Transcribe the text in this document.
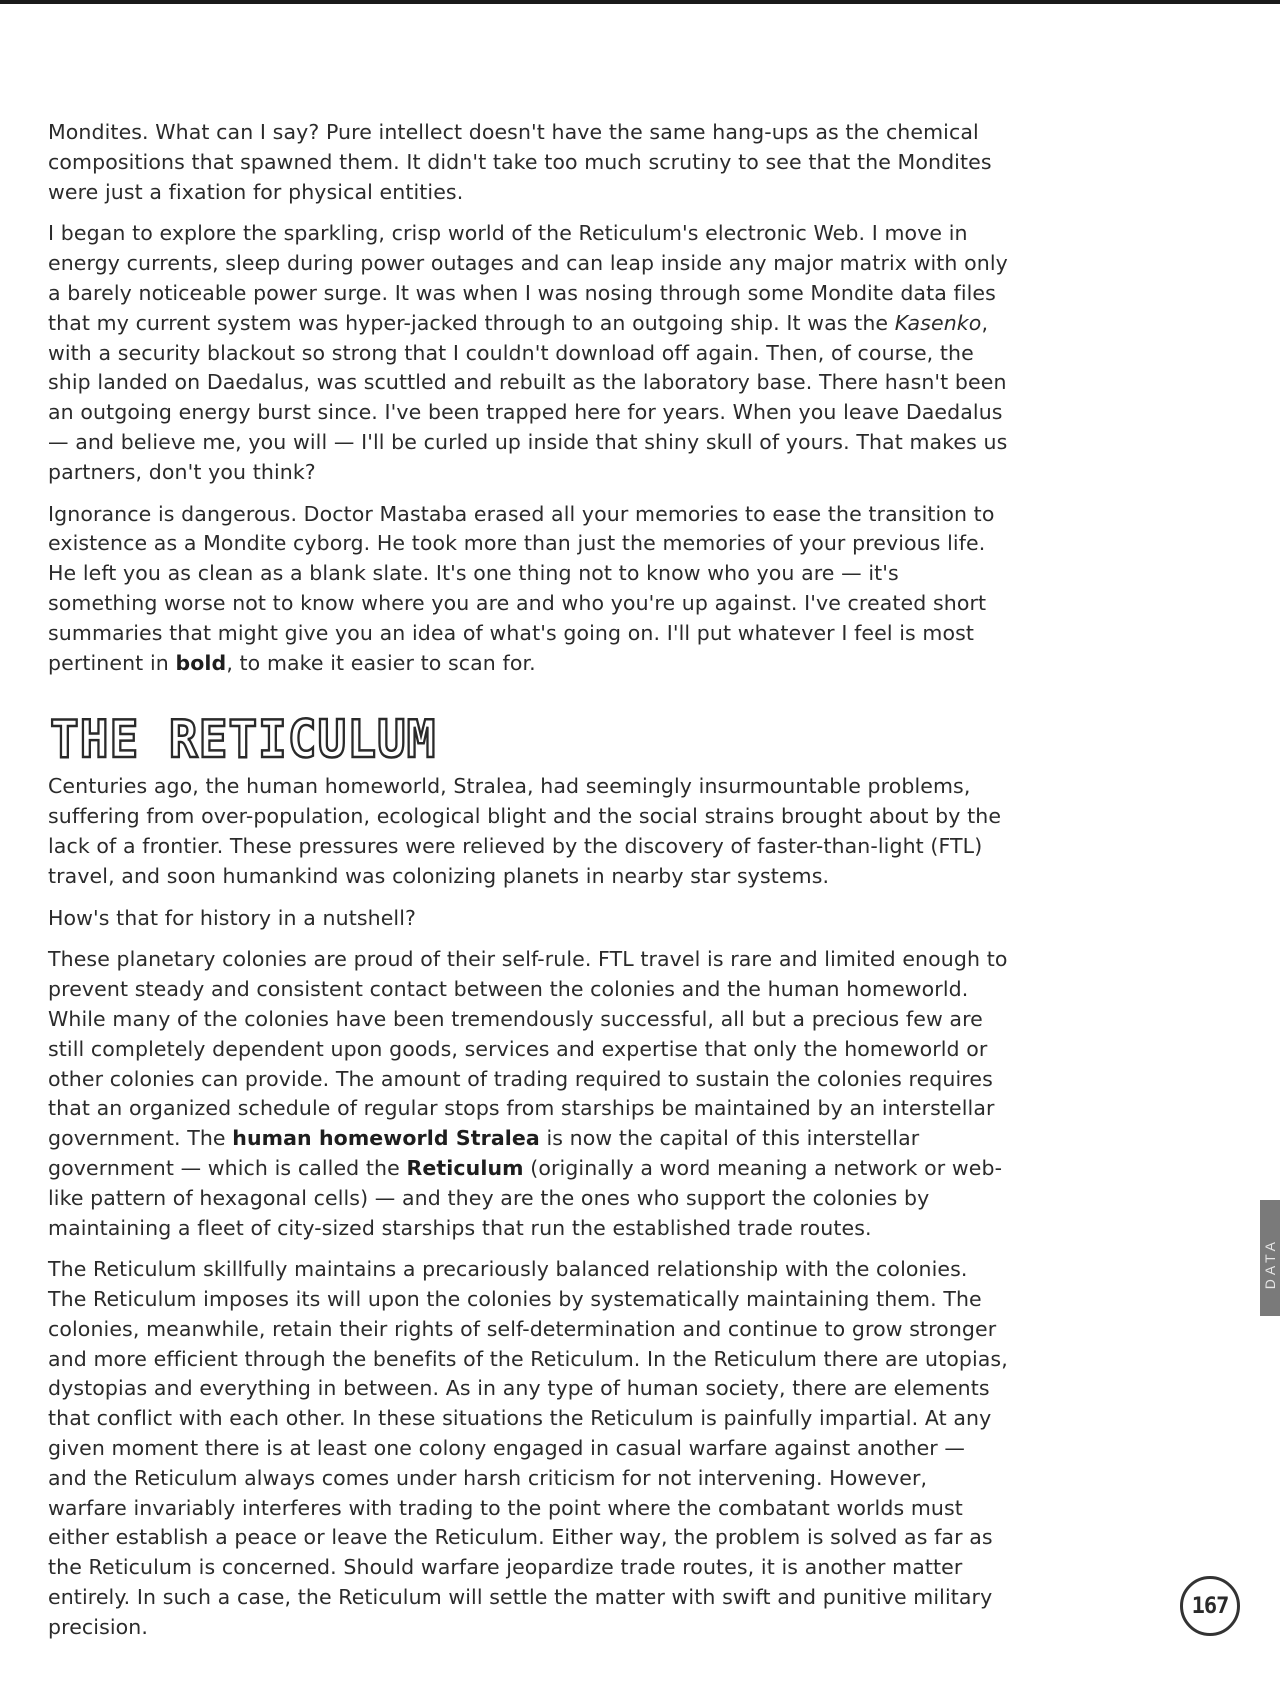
Mondites. What can I say? Pure intellect doesn't have the same hang-ups as the chemical compositions that spawned them. It didn't take too much scrutiny to see that the Mondites were just a fixation for physical entities.

I began to explore the sparkling, crisp world of the Reticulum's electronic Web. I move in energy currents, sleep during power outages and can leap inside any major matrix with only a barely noticeable power surge. It was when I was nosing through some Mondite data files that my current system was hyper-jacked through to an outgoing ship. It was the Kasenko, with a security blackout so strong that I couldn't download off again. Then, of course, the ship landed on Daedalus, was scuttled and rebuilt as the laboratory base. There hasn't been an outgoing energy burst since. I've been trapped here for years. When you leave Daedalus — and believe me, you will — I'll be curled up inside that shiny skull of yours. That makes us partners, don't you think?

Ignorance is dangerous. Doctor Mastaba erased all your memories to ease the transition to existence as a Mondite cyborg. He took more than just the memories of your previous life. He left you as clean as a blank slate. It's one thing not to know who you are — it's something worse not to know where you are and who you're up against. I've created short summaries that might give you an idea of what's going on. I'll put whatever I feel is most pertinent in bold, to make it easier to scan for.

THE RETICULUM

Centuries ago, the human homeworld, Stralea, had seemingly insurmountable problems, suffering from over-population, ecological blight and the social strains brought about by the lack of a frontier. These pressures were relieved by the discovery of faster-than-light (FTL) travel, and soon humankind was colonizing planets in nearby star systems.

How's that for history in a nutshell?

These planetary colonies are proud of their self-rule. FTL travel is rare and limited enough to prevent steady and consistent contact between the colonies and the human homeworld. While many of the colonies have been tremendously successful, all but a precious few are still completely dependent upon goods, services and expertise that only the homeworld or other colonies can provide. The amount of trading required to sustain the colonies requires that an organized schedule of regular stops from starships be maintained by an interstellar government. The human homeworld Stralea is now the capital of this interstellar government — which is called the Reticulum (originally a word meaning a network or web-like pattern of hexagonal cells) — and they are the ones who support the colonies by maintaining a fleet of city-sized starships that run the established trade routes.

The Reticulum skillfully maintains a precariously balanced relationship with the colonies. The Reticulum imposes its will upon the colonies by systematically maintaining them. The colonies, meanwhile, retain their rights of self-determination and continue to grow stronger and more efficient through the benefits of the Reticulum. In the Reticulum there are utopias, dystopias and everything in between. As in any type of human society, there are elements that conflict with each other. In these situations the Reticulum is painfully impartial. At any given moment there is at least one colony engaged in casual warfare against another — and the Reticulum always comes under harsh criticism for not intervening. However, warfare invariably interferes with trading to the point where the combatant worlds must either establish a peace or leave the Reticulum. Either way, the problem is solved as far as the Reticulum is concerned. Should warfare jeopardize trade routes, it is another matter entirely. In such a case, the Reticulum will settle the matter with swift and punitive military precision.

DATA
167
